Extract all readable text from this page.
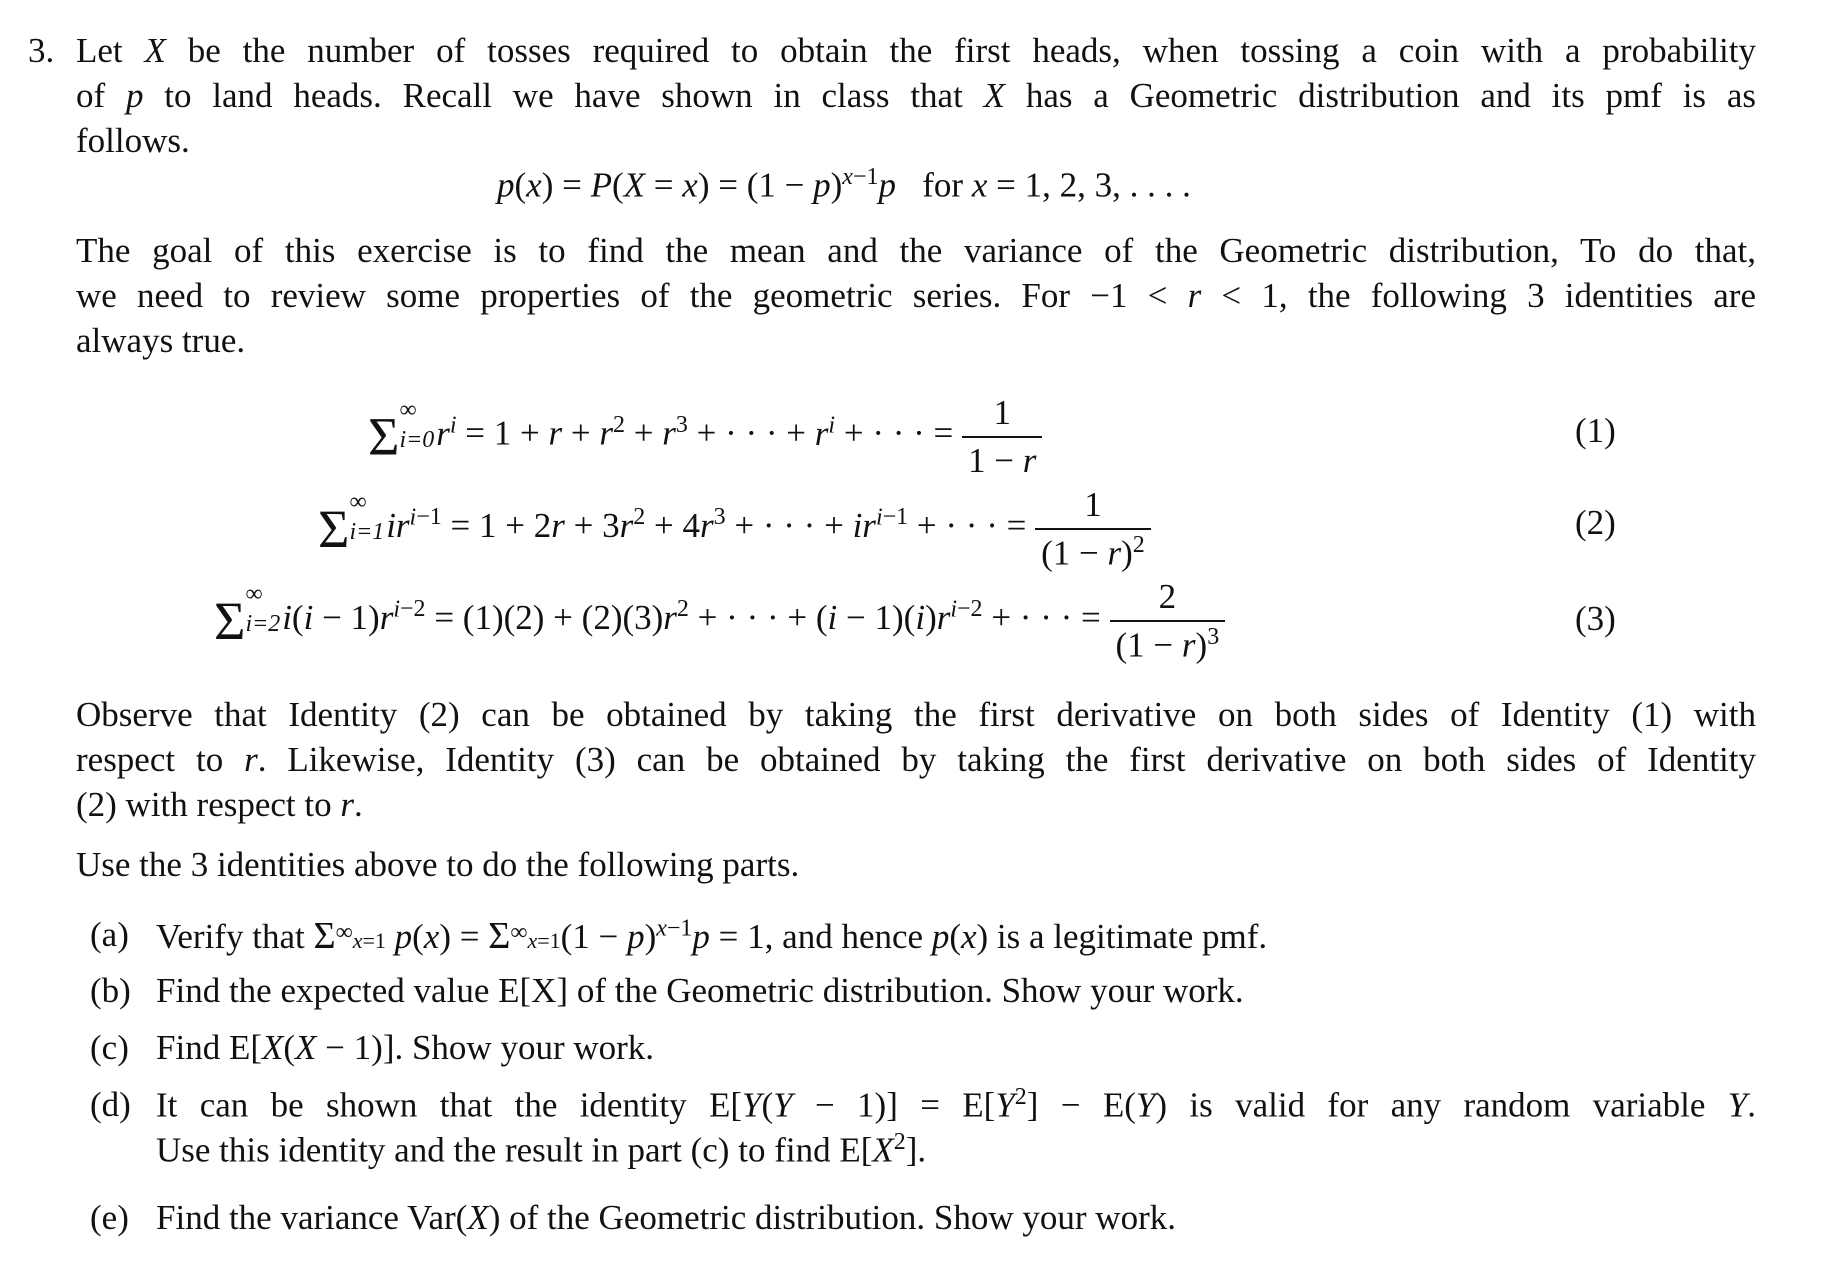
3. Let X be the number of tosses required to obtain the first heads, when tossing a coin with a probability
of p to land heads. Recall we have shown in class that X has a Geometric distribution and its pmf is as
follows.
$p(x) = P(X = x) = (1 - p)^{x-1}p$   for x = 1, 2, 3, . . . .
The goal of this exercise is to find the mean and the variance of the Geometric distribution, To do that,
we need to review some properties of the geometric series. For −1 < r < 1, the following 3 identities are
always true.
Σ ∞
i=0 $r^i = 1 + r + r^2 + r^3$ + · · · + $r^i$ + · · · = $\frac{1}{1 - r}$	(1)
Σ ∞
i=1 $ir^{i-1} = 1 + 2r + 3r^2 + 4r^3$ + · · · + $ir^{i-1}$ + · · · = $\frac{1}{(1 - r)^2}$	(2)
Σ ∞
i=2 $i(i - 1)r^{i-2} = (1)(2) + (2)(3)r^2$ + · · · + $(i - 1)(i)r^{i-2}$ + · · · = $\frac{2}{(1 - r)^3}$	(3)
Observe that Identity (2) can be obtained by taking the first derivative on both sides of Identity (1) with
respect to r. Likewise, Identity (3) can be obtained by taking the first derivative on both sides of Identity
(2) with respect to r.
Use the 3 identities above to do the following parts.
(a) Verify that Σ∞x=1 $p(x) = \Sigma^\infty x=1(1 - p)^{x-1}p = 1$, and hence p(x) is a legitimate pmf.
(b) Find the expected value E[X] of the Geometric distribution. Show your work.
(c) Find E[X(X − 1)]. Show your work.
(d) It can be shown that the identity $E[Y(Y - 1)] = E[Y^2] - E(Y)$ is valid for any random variable Y.
Use this identity and the result in part (c) to find $E[X^2]$.
(e) Find the variance Var(X) of the Geometric distribution. Show your work.
